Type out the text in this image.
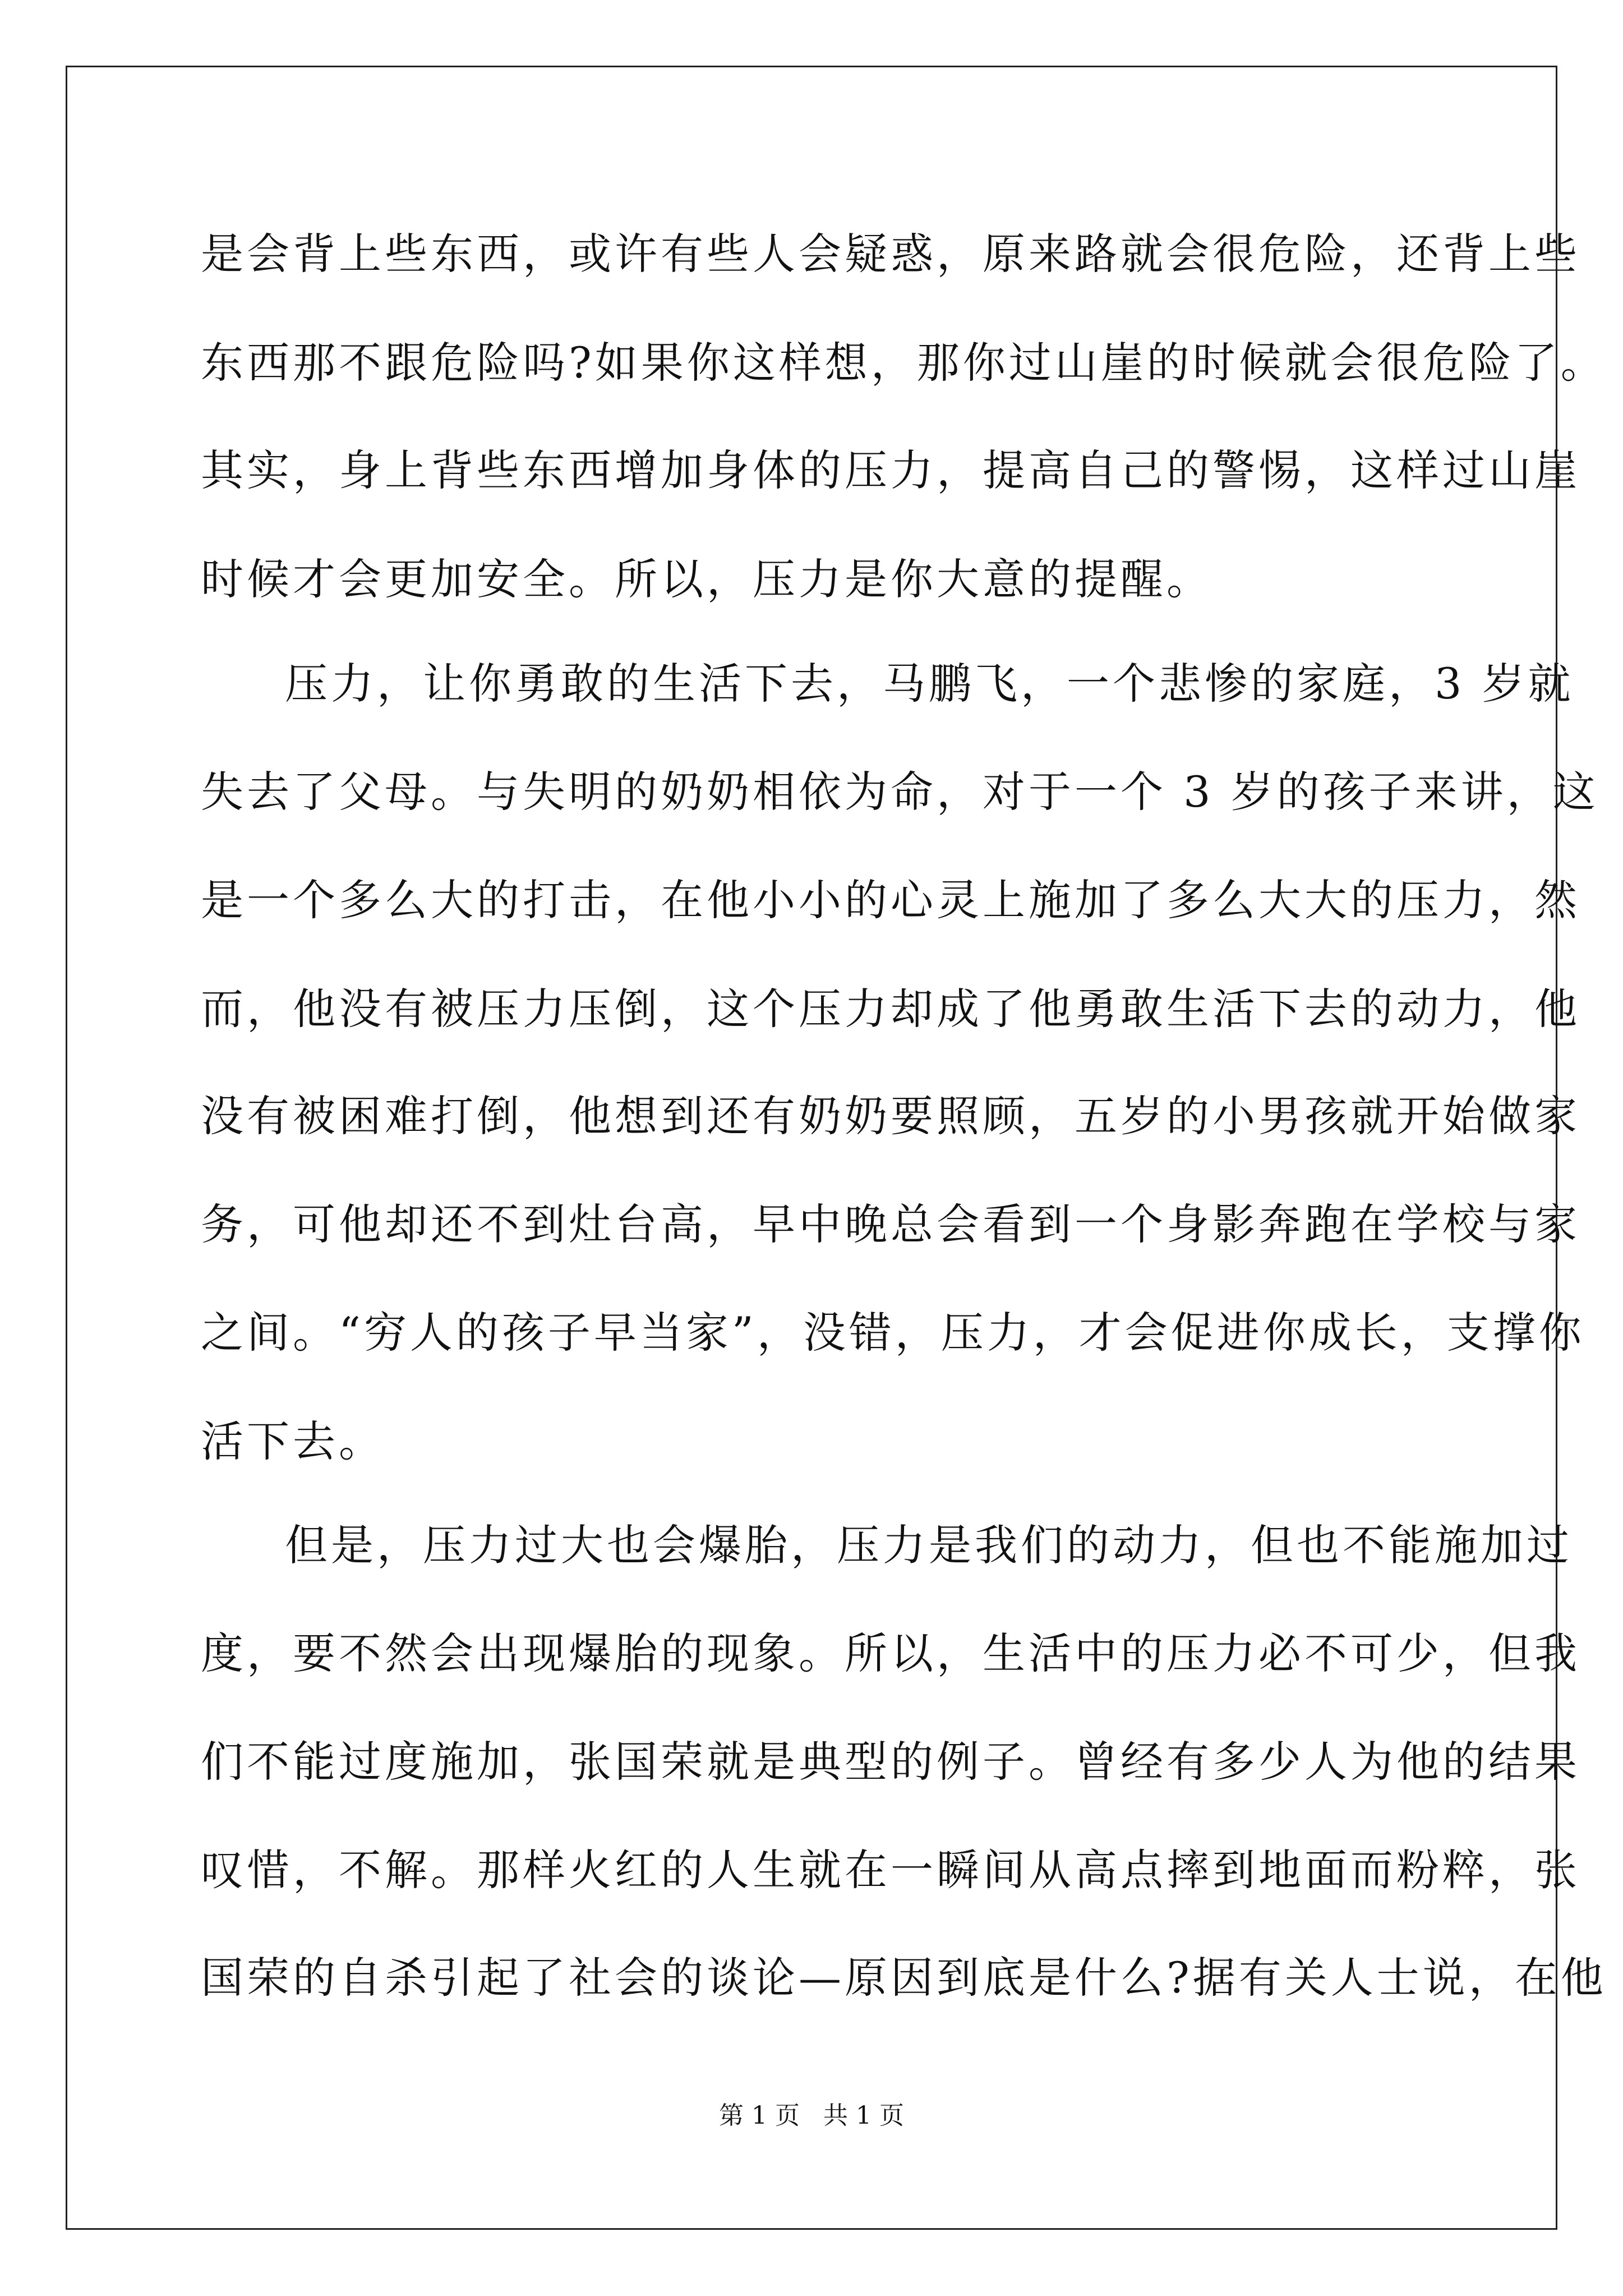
是会背上些东西，或许有些人会疑惑，原来路就会很危险，还背上些
东西那不跟危险吗?如果你这样想，那你过山崖的时候就会很危险了。
其实，身上背些东西增加身体的压力，提高自己的警惕，这样过山崖
时候才会更加安全。所以，压力是你大意的提醒。
压力，让你勇敢的生活下去，马鹏飞，一个悲惨的家庭，3 岁就
失去了父母。与失明的奶奶相依为命，对于一个 3 岁的孩子来讲，这
是一个多么大的打击，在他小小的心灵上施加了多么大大的压力，然
而，他没有被压力压倒，这个压力却成了他勇敢生活下去的动力，他
没有被困难打倒，他想到还有奶奶要照顾，五岁的小男孩就开始做家
务，可他却还不到灶台高，早中晚总会看到一个身影奔跑在学校与家
之间。“穷人的孩子早当家”，没错，压力，才会促进你成长，支撑你
活下去。
但是，压力过大也会爆胎，压力是我们的动力，但也不能施加过
度，要不然会出现爆胎的现象。所以，生活中的压力必不可少，但我
们不能过度施加，张国荣就是典型的例子。曾经有多少人为他的结果
叹惜，不解。那样火红的人生就在一瞬间从高点摔到地面而粉粹，张
国荣的自杀引起了社会的谈论—原因到底是什么?据有关人士说，在他
第 1 页   共 1 页
